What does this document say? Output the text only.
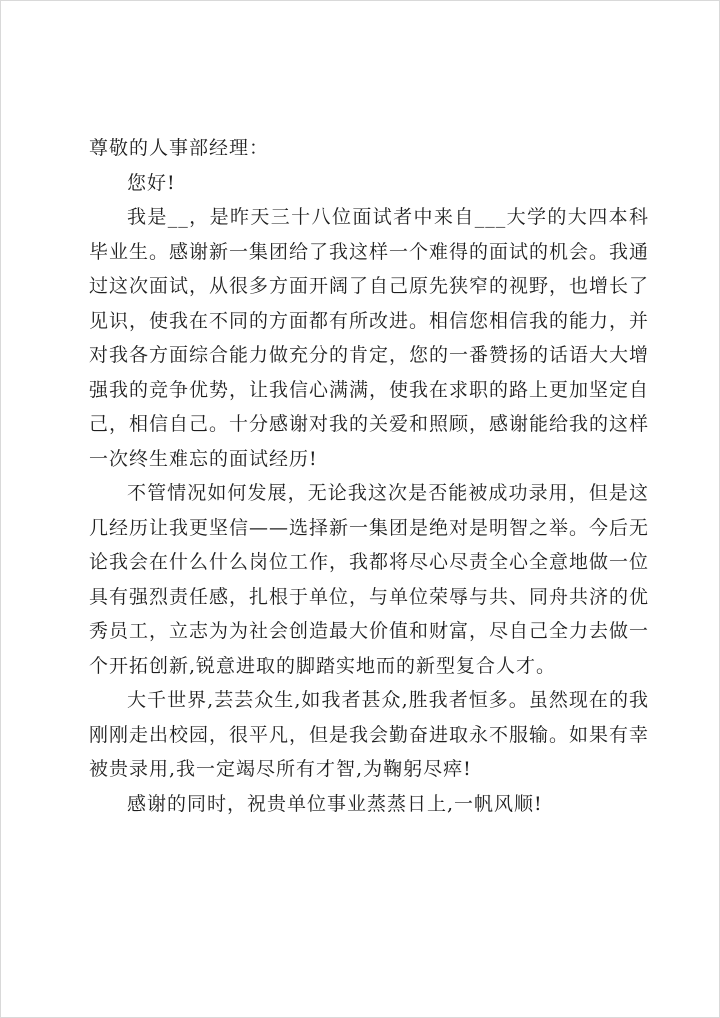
尊敬的人事部经理：

您好!

我是__，是昨天三十八位面试者中来自___大学的大四本科毕业生。感谢新一集团给了我这样一个难得的面试的机会。我通过这次面试，从很多方面开阔了自己原先狭窄的视野，也增长了见识，使我在不同的方面都有所改进。相信您相信我的能力，并对我各方面综合能力做充分的肯定，您的一番赞扬的话语大大增强我的竞争优势，让我信心满满，使我在求职的路上更加坚定自己，相信自己。十分感谢对我的关爱和照顾，感谢能给我的这样一次终生难忘的面试经历!

不管情况如何发展，无论我这次是否能被成功录用，但是这几经历让我更坚信——选择新一集团是绝对是明智之举。今后无论我会在什么什么岗位工作，我都将尽心尽责全心全意地做一位具有强烈责任感，扎根于单位，与单位荣辱与共、同舟共济的优秀员工，立志为为社会创造最大价值和财富，尽自己全力去做一个开拓创新,锐意进取的脚踏实地而的新型复合人才。

大千世界,芸芸众生,如我者甚众,胜我者恒多。虽然现在的我刚刚走出校园，很平凡，但是我会勤奋进取永不服输。如果有幸被贵录用,我一定竭尽所有才智,为鞠躬尽瘁!

感谢的同时，祝贵单位事业蒸蒸日上,一帆风顺!
